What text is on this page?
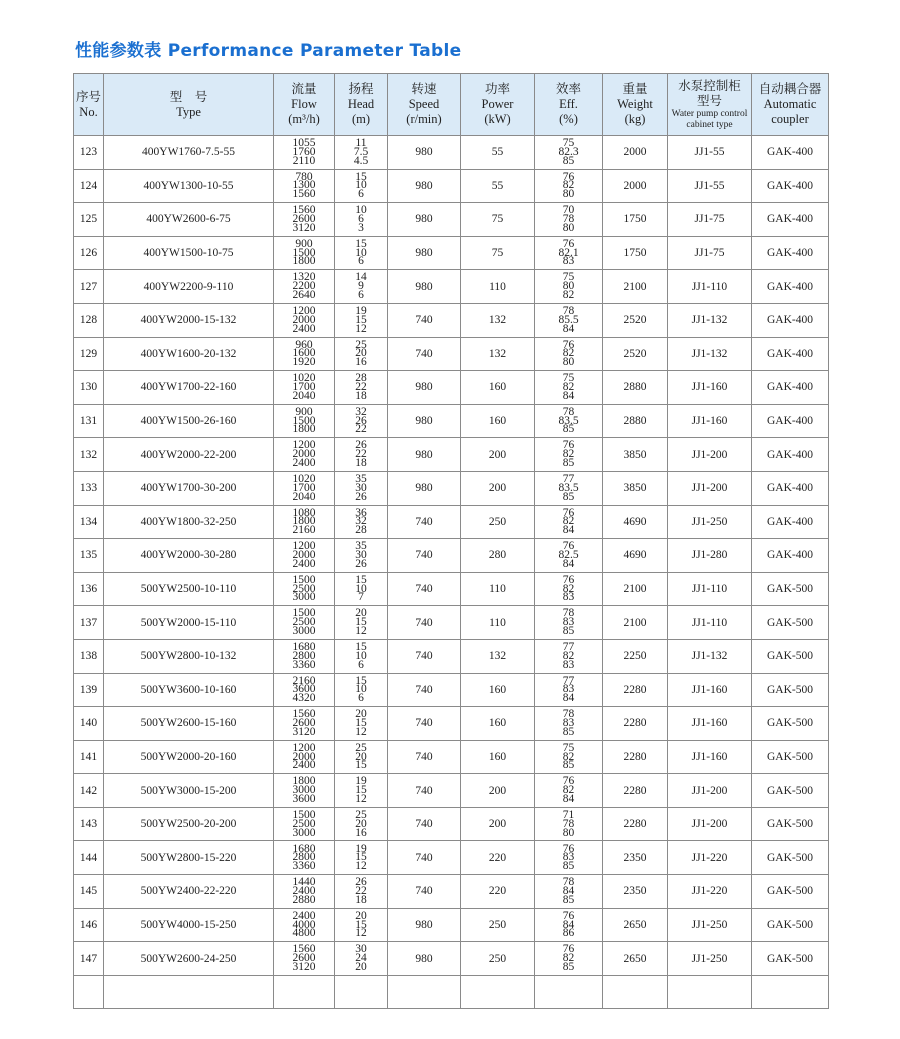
性能参数表 Performance Parameter Table
序号
No.	型　号
Type	流量
Flow
(m³/h)	扬程
Head
(m)	转速
Speed
(r/min)	功率
Power
(kW)	效率
Eff.
(%)	重量
Weight
(kg)	水泵控制柜
型号
Water pump control
cabinet type	自动耦合器
Automatic
coupler

123	400YW1760-7.5-55	1055
1760
2110	11
7.5
4.5	980	55	75
82.3
85	2000	JJ1-55	GAK-400
124	400YW1300-10-55	780
1300
1560	15
10
6	980	55	76
82
80	2000	JJ1-55	GAK-400
125	400YW2600-6-75	1560
2600
3120	10
6
3	980	75	70
78
80	1750	JJ1-75	GAK-400
126	400YW1500-10-75	900
1500
1800	15
10
6	980	75	76
82.1
83	1750	JJ1-75	GAK-400
127	400YW2200-9-110	1320
2200
2640	14
9
6	980	110	75
80
82	2100	JJ1-110	GAK-400
128	400YW2000-15-132	1200
2000
2400	19
15
12	740	132	78
85.5
84	2520	JJ1-132	GAK-400
129	400YW1600-20-132	960
1600
1920	25
20
16	740	132	76
82
80	2520	JJ1-132	GAK-400
130	400YW1700-22-160	1020
1700
2040	28
22
18	980	160	75
82
84	2880	JJ1-160	GAK-400
131	400YW1500-26-160	900
1500
1800	32
26
22	980	160	78
83.5
85	2880	JJ1-160	GAK-400
132	400YW2000-22-200	1200
2000
2400	26
22
18	980	200	76
82
85	3850	JJ1-200	GAK-400
133	400YW1700-30-200	1020
1700
2040	35
30
26	980	200	77
83.5
85	3850	JJ1-200	GAK-400
134	400YW1800-32-250	1080
1800
2160	36
32
28	740	250	76
82
84	4690	JJ1-250	GAK-400
135	400YW2000-30-280	1200
2000
2400	35
30
26	740	280	76
82.5
84	4690	JJ1-280	GAK-400
136	500YW2500-10-110	1500
2500
3000	15
10
7	740	110	76
82
83	2100	JJ1-110	GAK-500
137	500YW2000-15-110	1500
2500
3000	20
15
12	740	110	78
83
85	2100	JJ1-110	GAK-500
138	500YW2800-10-132	1680
2800
3360	15
10
6	740	132	77
82
83	2250	JJ1-132	GAK-500
139	500YW3600-10-160	2160
3600
4320	15
10
6	740	160	77
83
84	2280	JJ1-160	GAK-500
140	500YW2600-15-160	1560
2600
3120	20
15
12	740	160	78
83
85	2280	JJ1-160	GAK-500
141	500YW2000-20-160	1200
2000
2400	25
20
15	740	160	75
82
85	2280	JJ1-160	GAK-500
142	500YW3000-15-200	1800
3000
3600	19
15
12	740	200	76
82
84	2280	JJ1-200	GAK-500
143	500YW2500-20-200	1500
2500
3000	25
20
16	740	200	71
78
80	2280	JJ1-200	GAK-500
144	500YW2800-15-220	1680
2800
3360	19
15
12	740	220	76
83
85	2350	JJ1-220	GAK-500
145	500YW2400-22-220	1440
2400
2880	26
22
18	740	220	78
84
85	2350	JJ1-220	GAK-500
146	500YW4000-15-250	2400
4000
4800	20
15
12	980	250	76
84
86	2650	JJ1-250	GAK-500
147	500YW2600-24-250	1560
2600
3120	30
24
20	980	250	76
82
85	2650	JJ1-250	GAK-500
